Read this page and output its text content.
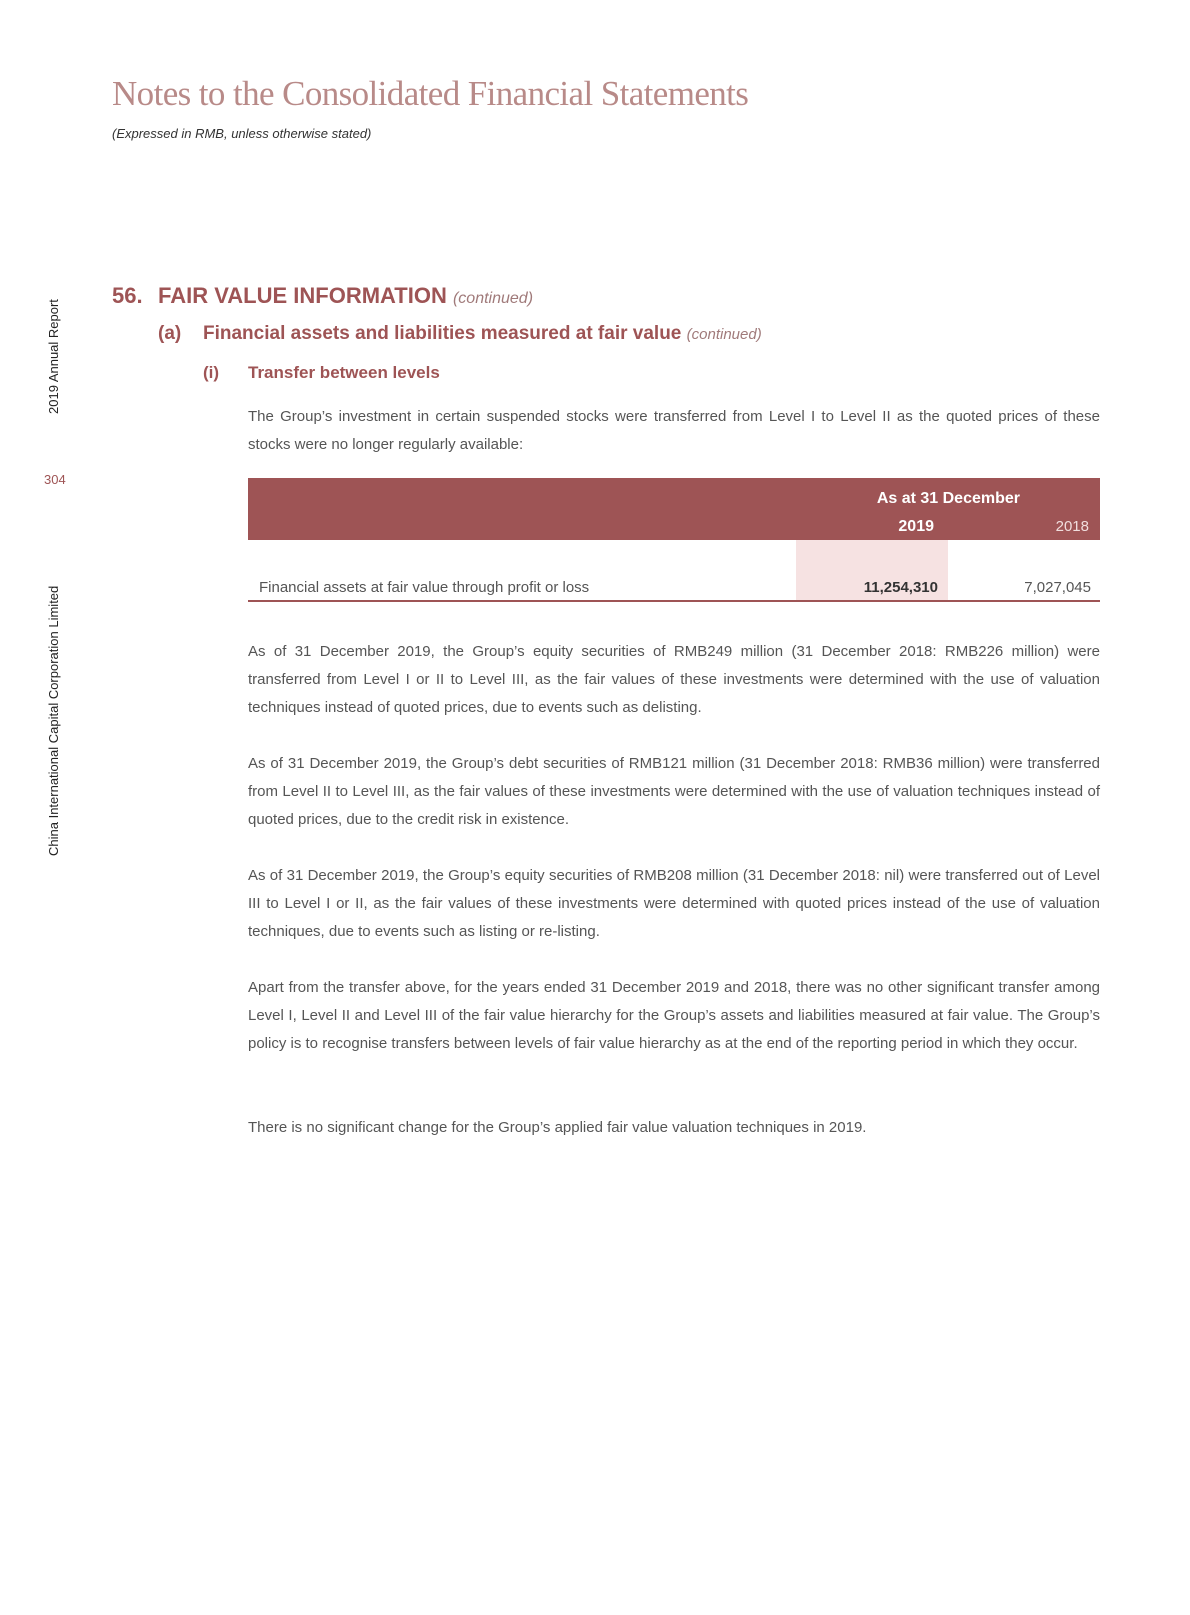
Notes to the Consolidated Financial Statements
(Expressed in RMB, unless otherwise stated)
2019 Annual Report
304
China International Capital Corporation Limited
56. FAIR VALUE INFORMATION (continued)
(a) Financial assets and liabilities measured at fair value (continued)
(i) Transfer between levels

The Group’s investment in certain suspended stocks were transferred from Level I to Level II as the quoted prices of these stocks were no longer regularly available:

As at 31 December
2019	2018
Financial assets at fair value through profit or loss	11,254,310	7,027,045

As of 31 December 2019, the Group’s equity securities of RMB249 million (31 December 2018: RMB226 million) were transferred from Level I or II to Level III, as the fair values of these investments were determined with the use of valuation techniques instead of quoted prices, due to events such as delisting.

As of 31 December 2019, the Group’s debt securities of RMB121 million (31 December 2018: RMB36 million) were transferred from Level II to Level III, as the fair values of these investments were determined with the use of valuation techniques instead of quoted prices, due to the credit risk in existence.

As of 31 December 2019, the Group’s equity securities of RMB208 million (31 December 2018: nil) were transferred out of Level III to Level I or II, as the fair values of these investments were determined with quoted prices instead of the use of valuation techniques, due to events such as listing or re-listing.

Apart from the transfer above, for the years ended 31 December 2019 and 2018, there was no other significant transfer among Level I, Level II and Level III of the fair value hierarchy for the Group’s assets and liabilities measured at fair value. The Group’s policy is to recognise transfers between levels of fair value hierarchy as at the end of the reporting period in which they occur.

There is no significant change for the Group’s applied fair value valuation techniques in 2019.
